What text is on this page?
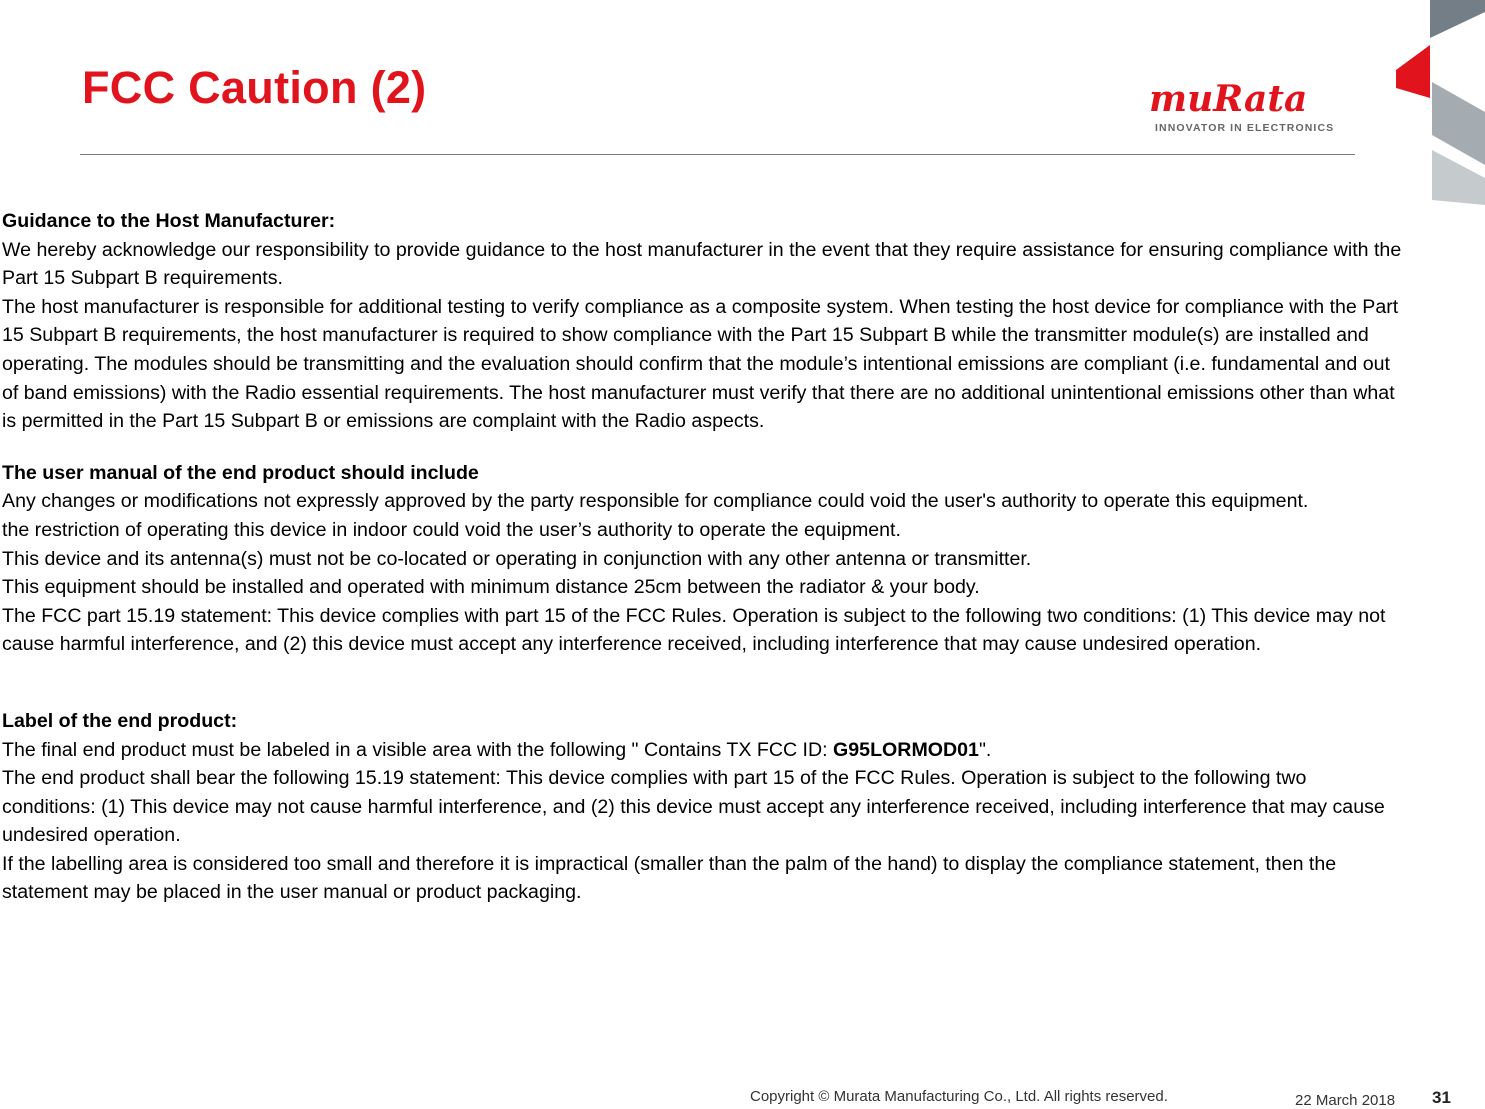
FCC Caution (2)	muRata

INNOVATOR IN ELECTRONICS

Guidance to the Host Manufacturer:

We hereby acknowledge our responsibility to provide guidance to the host manufacturer in the event that they require assistance for ensuring compliance with the Part 15 Subpart B requirements.

The host manufacturer is responsible for additional testing to verify compliance as a composite system. When testing the host device for compliance with the Part 15 Subpart B requirements, the host manufacturer is required to show compliance with the Part 15 Subpart B while the transmitter module(s) are installed and operating. The modules should be transmitting and the evaluation should confirm that the module’s intentional emissions are compliant (i.e. fundamental and out of band emissions) with the Radio essential requirements. The host manufacturer must verify that there are no additional unintentional emissions other than what is permitted in the Part 15 Subpart B or emissions are complaint with the Radio aspects.

The user manual of the end product should include

Any changes or modifications not expressly approved by the party responsible for compliance could void the user's authority to operate this equipment.

the restriction of operating this device in indoor could void the user’s authority to operate the equipment.

This device and its antenna(s) must not be co-located or operating in conjunction with any other antenna or transmitter.

This equipment should be installed and operated with minimum distance 25cm between the radiator & your body.

The FCC part 15.19 statement: This device complies with part 15 of the FCC Rules. Operation is subject to the following two conditions: (1) This device may not cause harmful interference, and (2) this device must accept any interference received, including interference that may cause undesired operation.

Label of the end product:

The final end product must be labeled in a visible area with the following " Contains TX FCC ID: G95LORMOD01".

The end product shall bear the following 15.19 statement: This device complies with part 15 of the FCC Rules. Operation is subject to the following two conditions: (1) This device may not cause harmful interference, and (2) this device must accept any interference received, including interference that may cause undesired operation.

If the labelling area is considered too small and therefore it is impractical (smaller than the palm of the hand) to display the compliance statement, then the statement may be placed in the user manual or product packaging.

Copyright © Murata Manufacturing Co., Ltd. All rights reserved.	22 March 2018 31
